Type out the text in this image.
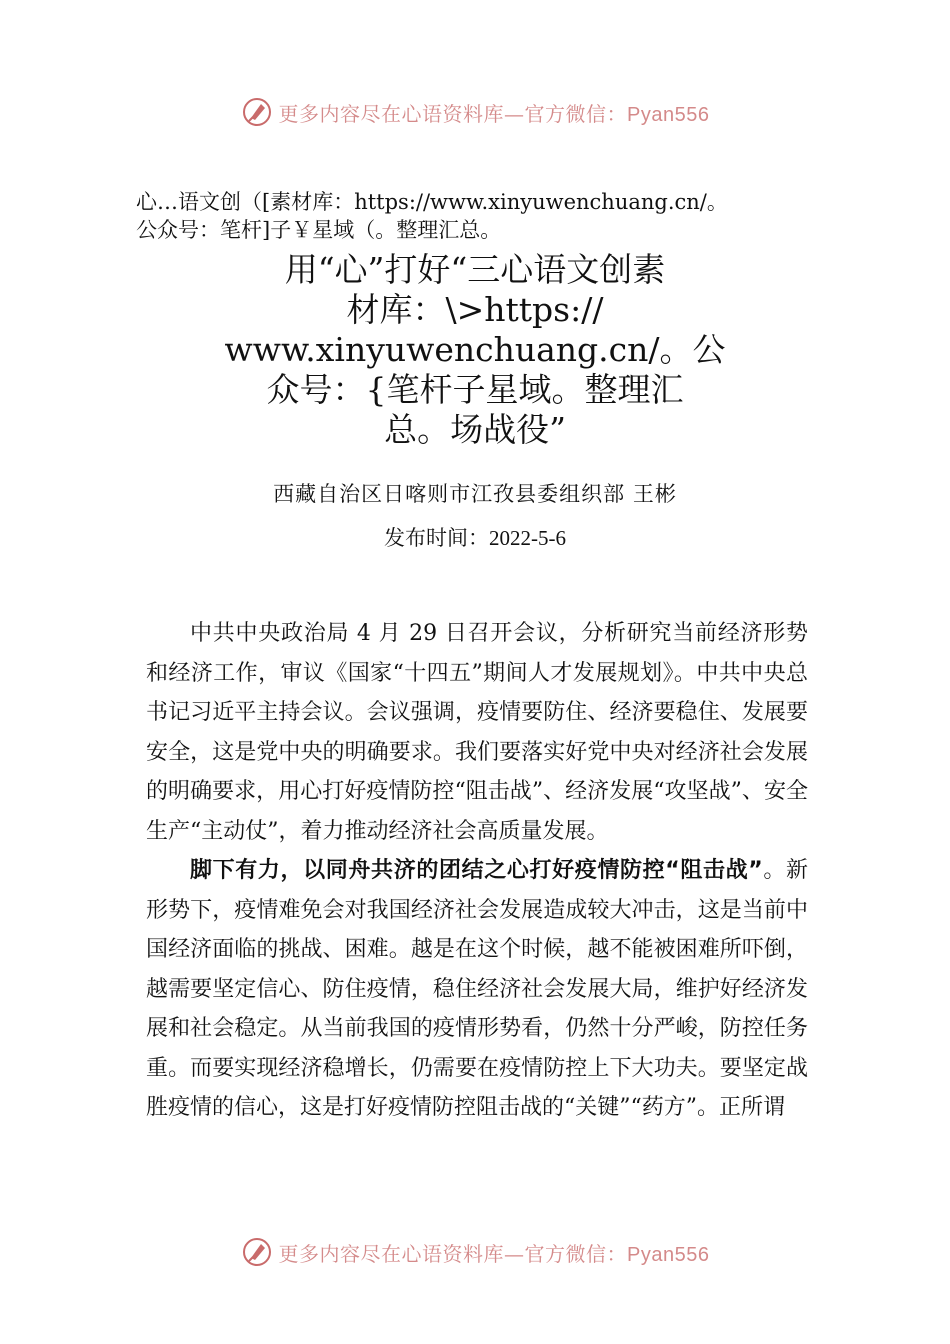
更多内容尽在心语资料库—官方微信：Pyan556
心…语文创（[素材库：https://www.xinyuwenchuang.cn/。
公众号：笔杆]子￥星域（。整理汇总。
用“心”打好“三心语文创素
材库：\>https://
www.xinyuwenchuang.cn/。公
众号：{笔杆子星域。整理汇
总。场战役”
西藏自治区日喀则市江孜县委组织部 王彬
发布时间：2022-5-6

中共中央政治局 4 月 29 日召开会议，分析研究当前经济形势和经济工作，审议《国家“十四五”期间人才发展规划》。中共中央总书记习近平主持会议。会议强调，疫情要防住、经济要稳住、发展要安全，这是党中央的明确要求。我们要落实好党中央对经济社会发展的明确要求，用心打好疫情防控“阻击战”、经济发展“攻坚战”、安全生产“主动仗”，着力推动经济社会高质量发展。

脚下有力，以同舟共济的团结之心打好疫情防控“阻击战”。新形势下，疫情难免会对我国经济社会发展造成较大冲击，这是当前中国经济面临的挑战、困难。越是在这个时候，越不能被困难所吓倒，越需要坚定信心、防住疫情，稳住经济社会发展大局，维护好经济发展和社会稳定。从当前我国的疫情形势看，仍然十分严峻，防控任务重。而要实现经济稳增长，仍需要在疫情防控上下大功夫。要坚定战胜疫情的信心，这是打好疫情防控阻击战的“关键”“药方”。正所谓

更多内容尽在心语资料库—官方微信：Pyan556
